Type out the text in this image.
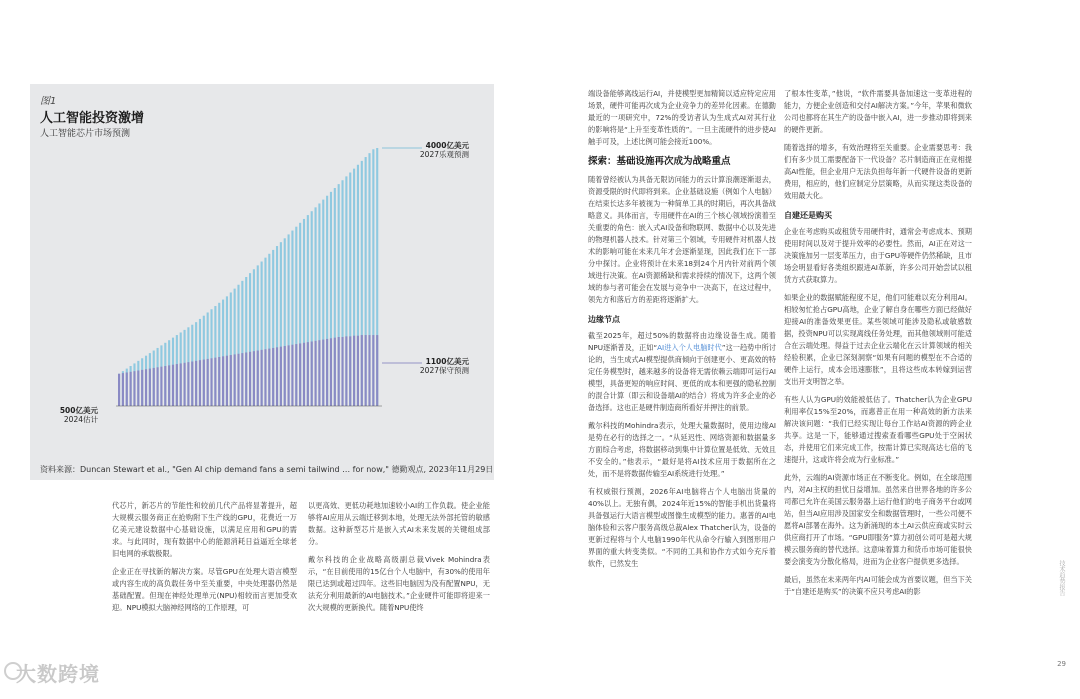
图1
人工智能投资激增
人工智能芯片市场预测
4000亿美元
2027乐观预测
1100亿美元
2027保守预测
500亿美元
2024估计
资料来源：Duncan Stewart et al., "Gen AI chip demand fans a semi tailwind … for now," 德勤观点, 2023年11月29日

代芯片，新芯片的节能性和较前几代产品将显著提升，超大规模云服务商正在抢购附下生产线的GPU，花费近一万亿美元建设数据中心基础设施，以满足应用和GPU的需求。与此同时，现有数据中心的能源消耗日益逼近全球老旧电网的承载极限。

企业正在寻找新的解决方案。尽管GPU在处理大语言模型或内容生成的高负载任务中至关重要，中央处理器仍然是基础配置。但现在神经处理单元(NPU)相较而言更加受欢迎。NPU模拟大脑神经网络的工作原理，可

以更高效、更低功耗地加速较小AI的工作负载。使企业能够将AI应用从云端迁移到本地，处理无法外部托管的敏感数据。这种新型芯片是嵌入式AI未来发展的关键组成部分。

戴尔科技的企业战略高级副总裁Vivek Mohindra表示，“在目前使用的15亿台个人电脑中，有30%的使用年限已达到或超过四年。这些旧电脑因为没有配置NPU，无法充分利用最新的AI电脑技术。”企业硬件可能即将迎来一次大规模的更新换代。随着NPU使终

端设备能够离线运行AI，并使模型更加精简以适应特定应用场景，硬件可能再次成为企业竞争力的差异化因素。在德勤最近的一项研究中，72%的受访者认为生成式AI对其行业的影响将是“上升至变革性质的”。一旦主流硬件的进步使AI触手可及，上述比例可能会接近100%。

探索：基础设施再次成为战略重点

随着曾经被认为具备无限访问能力的云计算浪潮逐渐退去，资源受限的时代即将到来。企业基础设施（例如个人电脑）在结束长达多年被视为一种简单工具的时期后，再次具备战略意义。具体而言，专用硬件在AI的三个核心领域扮演着至关重要的角色：嵌入式AI设备和物联网、数据中心以及先进的物理机器人技术。针对第三个领域，专用硬件对机器人技术的影响可能在未来几年才会逐渐显现，因此我们在下一部分中探讨。企业将预计在未来18到24个月内针对前两个领域进行决策。在AI资源稀缺和需求持续的情况下，这两个领域的参与者可能会在发展与竞争中一决高下，在这过程中，领先方和落后方的差距将逐渐扩大。

边缘节点

截至2025年，超过50%的数据将由边缘设备生成。随着NPU逐渐普及，正如“AI进入个人电脑时代”这一趋势中所讨论的，当生成式AI模型提供商倾向于创建更小、更高效的特定任务模型时，越来越多的设备将无需依赖云端即可运行AI模型，具备更短的响应时间、更低的成本和更强的隐私控制的混合计算（即云和设备端AI的结合）将成为许多企业的必备选择。这也正是硬件制造商所看好并押注的前景。

戴尔科技的Mohindra表示，处理大量数据时，使用边缘AI是势在必行的选择之一。“从延迟性、网络资源和数据量多方面综合考虑，将数据移动到集中计算位置是低效、无效且不安全的。”他表示，“最好是将AI技术应用于数据所在之处，而不是将数据传输至AI系统进行处理。”

有权威银行预测，2026年AI电脑将占个人电脑出货量的40%以上。无独有偶，2024年近15%的智能手机出货量将具备强运行大语言模型或图像生成模型的能力。惠普的AI电脑体验和云客户服务高级总裁Alex Thatcher认为，设备的更新过程将与个人电脑1990年代从命令行输入到图形用户界面的重大转变类似。“不同的工具和协作方式如今充斥着软件，已然发生

了根本性变革，”他说，“软件需要具备加速这一变革进程的能力，方便企业创造和交付AI解决方案。”今年，苹果和微软公司也都将在其生产的设备中嵌入AI，进一步推动即将到来的硬件更新。

随着选择的增多，有效治理将至关重要。企业需要思考：我们有多少员工需要配备下一代设备？芯片制造商正在竞相提高AI性能，但企业用户无法负担每年新一代硬件设备的更新费用，相应的，他们应制定分层策略，从而实现这类设备的效用最大化。

自建还是购买

企业在考虑购买或租赁专用硬件时，通常会考虑成本、预期使用时间以及对于提升效率的必要性。然而，AI正在对这一决策施加另一层变革压力，由于GPU等硬件仍然稀缺，且市场会明显看好各类组织跟进AI革新，许多公司开始尝试以租赁方式获取算力。

如果企业的数据赋能程度不足，他们可能难以充分利用AI。相较匆忙抢占GPU高地，企业了解自身在哪些方面已经做好迎接AI的准备效果更佳。某些领域可能涉及隐私或敏感数据，投资NPU可以实现离线任务处理，而其他领域则可能适合在云端处理。得益于过去企业云端化在云计算领域的相关经验积累，企业已深刻洞察“如果有问题的模型在不合适的硬件上运行，成本会迅速膨胀”，且将这些成本转嫁到运营支出开支明智之举。

有些人认为GPU的效能被低估了。Thatcher认为企业GPU利用率仅15%至20%，而惠普正在用一种高效的新方法来解决该问题：“我们已经实现让每台工作站AI资源的跨企业共享。这是一下，能够通过搜索查看哪些GPU处于空闲状态，并使用它们来完成工作，按需计算已实现高达七倍的飞速提升，这或许将会成为行业标准。”

此外，云端的AI资源市场正在不断变化。例如，在全球范围内，对AI主权的担忧日益增加。虽然来自世界各地的许多公司都已允许在美国云服务器上运行他们的电子商务平台或网站，但当AI应用涉及国家安全和数据管理时，一些公司便不愿将AI部署在海外。这为新涌现的本土AI云供应商或实时云供应商打开了市场。“GPU即服务”算力初创公司可是超大规模云服务商的替代选择。这意味着算力和货币市场可能很快要会演变为分散化格局，进而为企业客户提供更多选择。

最后，虽然在未来两年内AI可能会成为首要议题，但当下关于“自建还是购买”的决策不应只考虑AI的影	技术趋势报告
29
大数跨境
